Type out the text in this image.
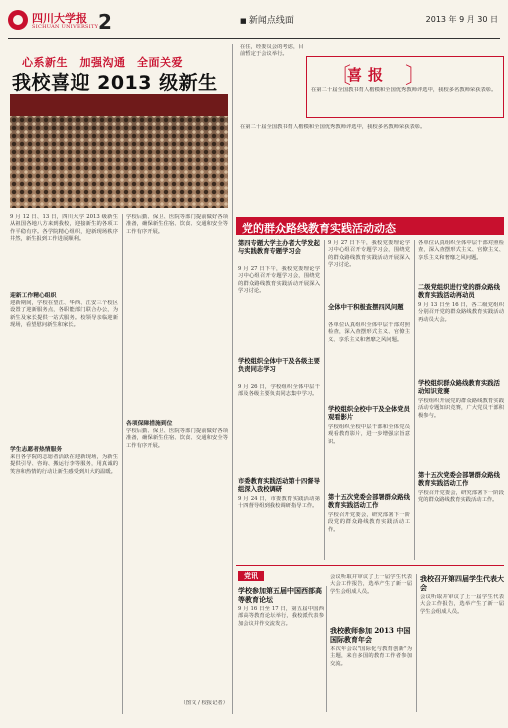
四川大学报
SICHUAN UNIVERSITY 2
■	新闻点线面	2013 年 9 月 30 日
心系新生　加强沟通　全面关爱
我校喜迎 2013 级新生
9 月 12 日、13 日，四川大学 2013 级新生从祖国各地八方来到我校，迎接新生的各项工作平稳有序。各学院精心组织，迎新现场秩序井然，新生报到工作进展顺利。
迎新工作精心组织
迎新期间，学校在望江、华西、江安三个校区设置了迎新服务点，各职能部门联合办公，为新生及家长提供一站式服务。校领导亲临迎新现场，看望慰问新生和家长。
学生志愿者热情服务
来自各学院的志愿者活跃在迎新现场，为新生提供引导、咨询、搬运行李等服务，用真诚的笑容和热情的行动让新生感受到川大的温暖。
学校后勤、保卫、医院等部门提前做好各项准备，确保新生住宿、饮食、交通和安全等工作有序开展。
各项保障措施到位
学校后勤、保卫、医院等部门提前做好各项准备，确保新生住宿、饮食、交通和安全等工作有序开展。
（图文 / 校报记者）
在住，经委员会的考虑，目前暂定于会议举行。
〔
喜报 〕
在第二十届全国教书育人楷模和全国优秀教师评选中，我校多名教师荣获表彰。
在第二十届全国教书育人楷模和全国优秀教师评选中，我校多名教师荣获表彰。
党的群众路线教育实践活动动态
第四专题大学主办者大学发起与实践教育专题学习会
9 月 27 日下午，我校党委理论学习中心组召开专题学习会，围绕党的群众路线教育实践活动开展深入学习讨论。
学校组织全体中干及各级主要负责同志学习
9 月 26 日，学校组织全体中层干部及各级主要负责同志集中学习。
市委教育实践活动第十四督导组深入我校调研
9 月 24 日，市委教育实践活动第十四督导组到我校调研指导工作。
9 月 27 日下午，我校党委理论学习中心组召开专题学习会，围绕党的群众路线教育实践活动开展深入学习讨论。
全体中干积极查摆四风问题
各单位认真组织全体中层干部对照检查，深入查摆形式主义、官僚主义、享乐主义和奢靡之风问题。
学校组织全校中干及全体党员观看影片
学校组织全校中层干部和全体党员观看教育影片，进一步增强宗旨意识。
第十五次党委会部署群众路线教育实践活动工作
学校召开党委会，研究部署下一阶段党的群众路线教育实践活动工作。
各单位认真组织全体中层干部对照检查，深入查摆形式主义、官僚主义、享乐主义和奢靡之风问题。
二级党组织进行党的群众路线教育实践活动再动员
9 月 13 日至 16 日，各二级党组织分别召开党的群众路线教育实践活动再动员大会。
学校组织群众路线教育实践活动知识竞赛
学校组织开展党的群众路线教育实践活动专题知识竞赛，广大党员干部积极参与。
第十五次党委会部署群众路线教育实践活动工作
学校召开党委会，研究部署下一阶段党的群众路线教育实践活动工作。
党讯
学校参加第五届中国西部高等教育论坛
9 月 16 日至 17 日，第五届中国西部高等教育论坛举行，我校派代表参加会议并作交流发言。
会议听取并审议了上一届学生代表大会工作报告，选举产生了新一届学生会组成人员。
我校教师参加 2013 中国国际教育年会
本次年会以"国际化与教育创新"为主题，来自多国的教育工作者参加交流。
我校召开第四届学生代表大会
会议听取并审议了上一届学生代表大会工作报告，选举产生了新一届学生会组成人员。
